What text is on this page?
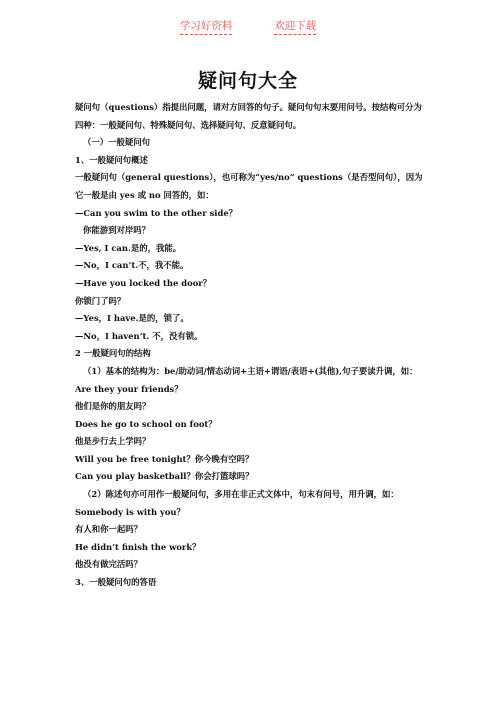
学习好资料	欢迎下载
疑问句大全

疑问句（questions）指提出问题，请对方回答的句子。疑问句句末要用问号。按结构可分为四种：一般疑问句、特殊疑问句、选择疑问句、反意疑问句。

（一）一般疑问句

1、一般疑问句概述

一般疑问句（general questions），也可称为“yes/no” questions（是否型问句），因为它一般是由 yes 或 no 回答的，如：

—Can you swim to the other side？

你能游到对岸吗？

—Yes, I can.是的，我能。

—No，I can’t.不，我不能。

—Have you locked the door？

你锁门了吗？

—Yes，I have.是的，锁了。

—No，I haven’t. 不，没有锁。

2 一般疑问句的结构

（1）基本的结构为：be/助动词/情态动词+主语+谓语/表语+(其他),句子要读升调，如：

Are they your friends？

他们是你的朋友吗？

Does he go to school on foot？

他是步行去上学吗？

Will you be free tonight？你今晚有空吗？

Can you play basketball？你会打篮球吗？

（2）陈述句亦可用作一般疑问句，多用在非正式文体中，句末有问号，用升调，如：

Somebody is with you？

有人和你一起吗？

He didn’t finish the work？

他没有做完活吗？

3、一般疑问句的答语
